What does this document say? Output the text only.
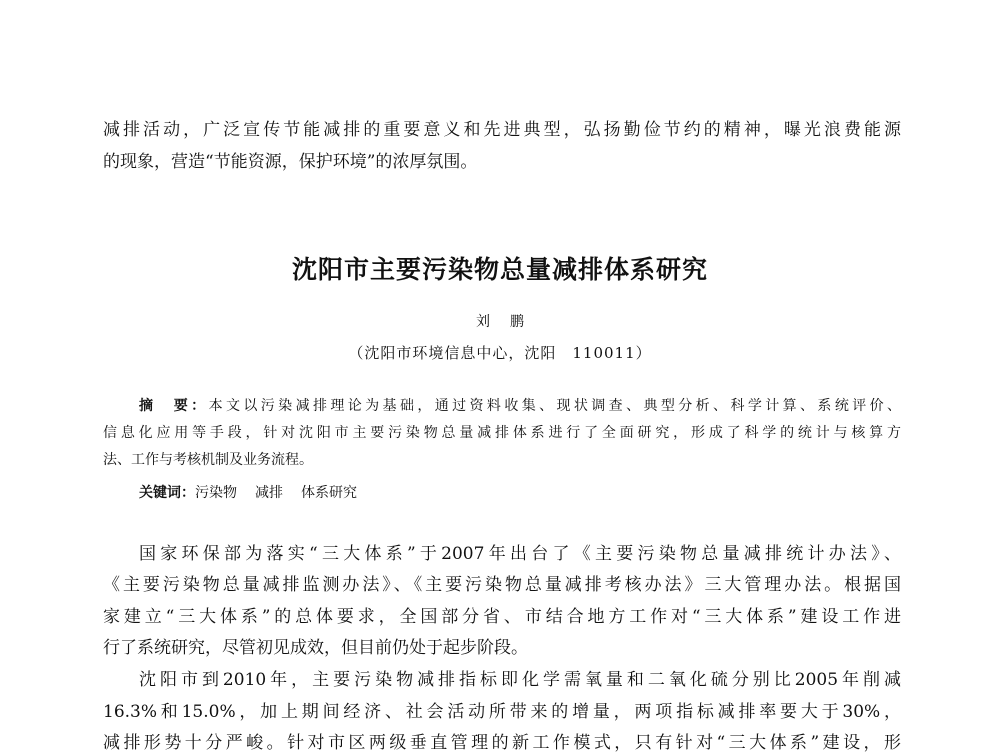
减排活动，广泛宣传节能减排的重要意义和先进典型，弘扬勤俭节约的精神，曝光浪费能源
的现象，营造“节能资源，保护环境”的浓厚氛围。
沈阳市主要污染物总量减排体系研究
刘鹏
（沈阳市环境信息中心，沈阳　110011）
摘　要：本文以污染减排理论为基础，通过资料收集、现状调查、典型分析、科学计算、系统评价、
信息化应用等手段，针对沈阳市主要污染物总量减排体系进行了全面研究，形成了科学的统计与核算方
法、工作与考核机制及业务流程。
关键词：污染物 减排 体系研究
国家环保部为落实“三大体系”于2007年出台了《主要污染物总量减排统计办法》、
《主要污染物总量减排监测办法》、《主要污染物总量减排考核办法》三大管理办法。根据国
家建立“三大体系”的总体要求，全国部分省、市结合地方工作对“三大体系”建设工作进
行了系统研究，尽管初见成效，但目前仍处于起步阶段。
沈阳市到2010年，主要污染物减排指标即化学需氧量和二氧化硫分别比2005年削减
16.3%和15.0%，加上期间经济、社会活动所带来的增量，两项指标减排率要大于30%，
减排形势十分严峻。针对市区两级垂直管理的新工作模式，只有针对“三大体系”建设，形
